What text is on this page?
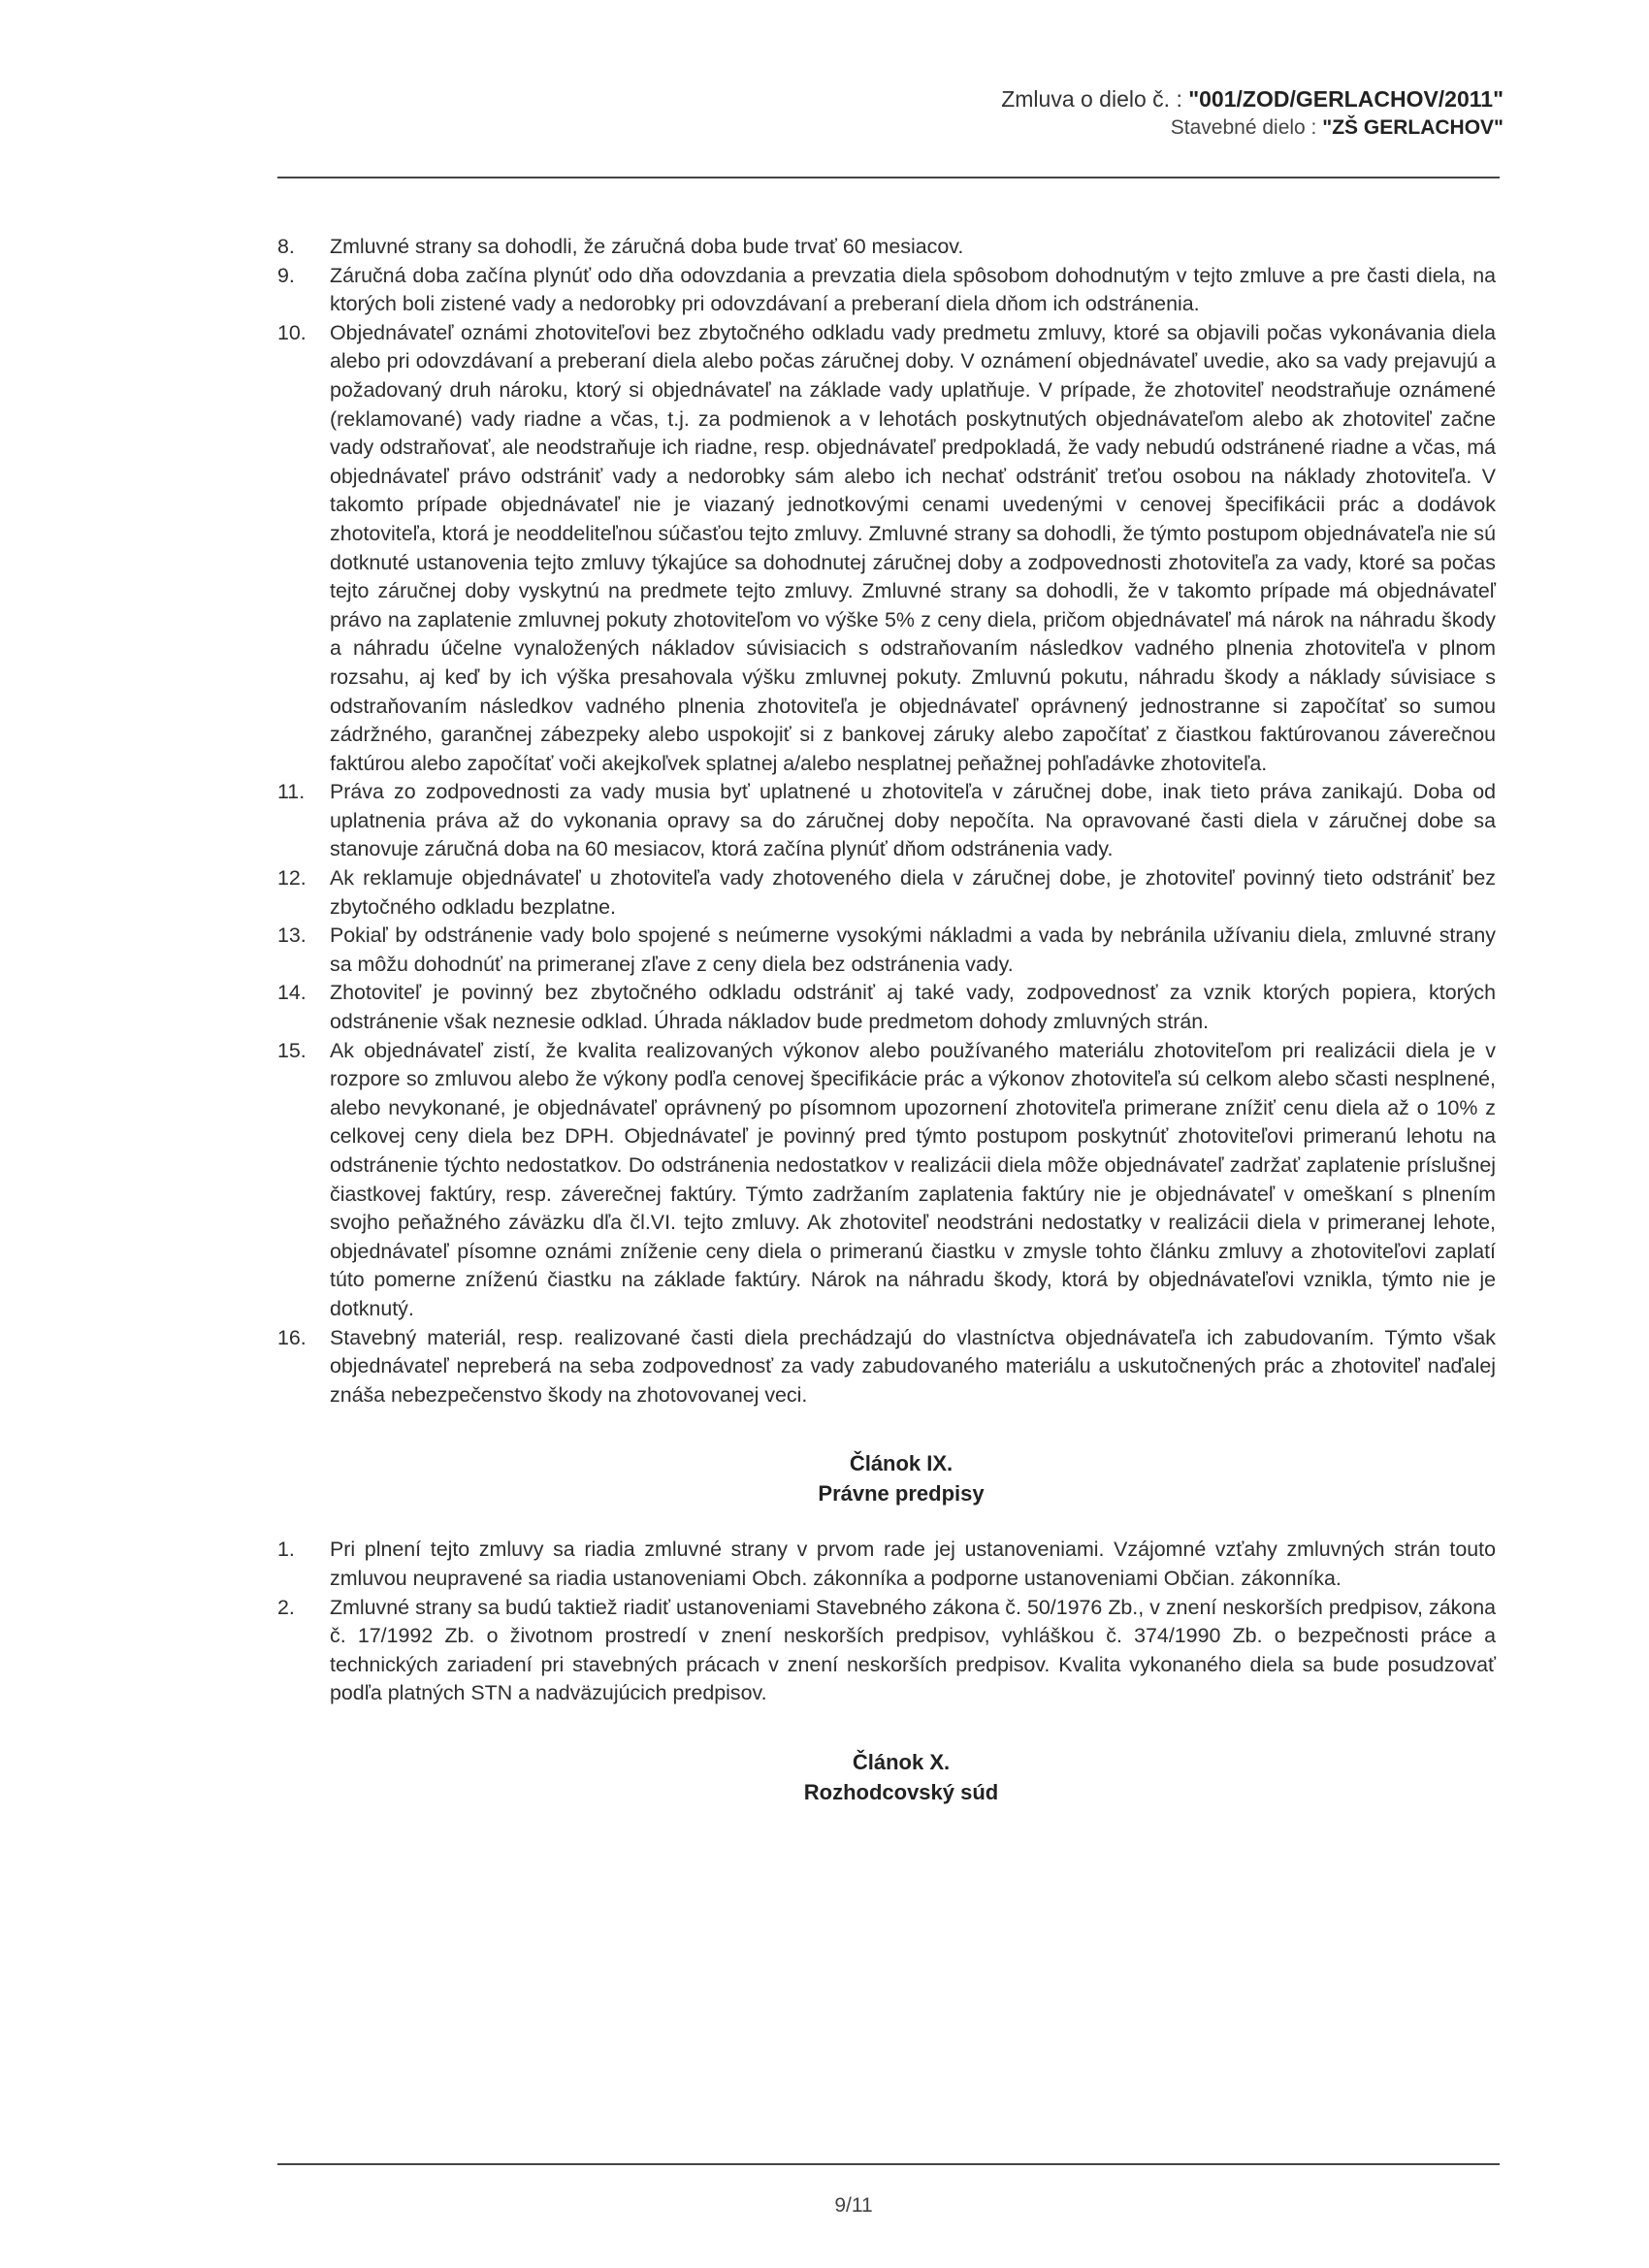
Zmluva o dielo č. : "001/ZOD/GERLACHOV/2011"
Stavebné dielo : "ZŠ GERLACHOV"
8. Zmluvné strany sa dohodli, že záručná doba bude trvať 60 mesiacov.
9. Záručná doba začína plynúť odo dňa odovzdania a prevzatia diela spôsobom dohodnutým v tejto zmluve a pre časti diela, na ktorých boli zistené vady a nedorobky pri odovzdávaní a preberaní diela dňom ich odstránenia.
10. Objednávateľ oznámi zhotoviteľovi bez zbytočného odkladu vady predmetu zmluvy, ktoré sa objavili počas vykonávania diela alebo pri odovzdávaní a preberaní diela alebo počas záručnej doby. V oznámení objednávateľ uvedie, ako sa vady prejavujú a požadovaný druh nároku, ktorý si objednávateľ na základe vady uplatňuje. V prípade, že zhotoviteľ neodstraňuje oznámené (reklamované) vady riadne a včas, t.j. za podmienok a v lehotách poskytnutých objednávateľom alebo ak zhotoviteľ začne vady odstraňovať, ale neodstraňuje ich riadne, resp. objednávateľ predpokladá, že vady nebudú odstránené riadne a včas, má objednávateľ právo odstrániť vady a nedorobky sám alebo ich nechať odstrániť treťou osobou na náklady zhotoviteľa. V takomto prípade objednávateľ nie je viazaný jednotkovými cenami uvedenými v cenovej špecifikácii prác a dodávok zhotoviteľa, ktorá je neoddeliteľnou súčasťou tejto zmluvy. Zmluvné strany sa dohodli, že týmto postupom objednávateľa nie sú dotknuté ustanovenia tejto zmluvy týkajúce sa dohodnutej záručnej doby a zodpovednosti zhotoviteľa za vady, ktoré sa počas tejto záručnej doby vyskytnú na predmete tejto zmluvy. Zmluvné strany sa dohodli, že v takomto prípade má objednávateľ právo na zaplatenie zmluvnej pokuty zhotoviteľom vo výške 5% z ceny diela, pričom objednávateľ má nárok na náhradu škody a náhradu účelne vynaložených nákladov súvisiacich s odstraňovaním následkov vadného plnenia zhotoviteľa v plnom rozsahu, aj keď by ich výška presahovala výšku zmluvnej pokuty. Zmluvnú pokutu, náhradu škody a náklady súvisiace s odstraňovaním následkov vadného plnenia zhotoviteľa je objednávateľ oprávnený jednostranne si započítať so sumou zádržného, garančnej zábezpeky alebo uspokojiť si z bankovej záruky alebo započítať z čiastkou faktúrovanou záverečnou faktúrou alebo započítať voči akejkoľvek splatnej a/alebo nesplatnej peňažnej pohľadávke zhotoviteľa.
11. Práva zo zodpovednosti za vady musia byť uplatnené u zhotoviteľa v záručnej dobe, inak tieto práva zanikajú. Doba od uplatnenia práva až do vykonania opravy sa do záručnej doby nepočíta. Na opravované časti diela v záručnej dobe sa stanovuje záručná doba na 60 mesiacov, ktorá začína plynúť dňom odstránenia vady.
12. Ak reklamuje objednávateľ u zhotoviteľa vady zhotoveného diela v záručnej dobe, je zhotoviteľ povinný tieto odstrániť bez zbytočného odkladu bezplatne.
13. Pokiaľ by odstránenie vady bolo spojené s neúmerne vysokými nákladmi a vada by nebránila užívaniu diela, zmluvné strany sa môžu dohodnúť na primeranej zľave z ceny diela bez odstránenia vady.
14. Zhotoviteľ je povinný bez zbytočného odkladu odstrániť aj také vady, zodpovednosť za vznik ktorých popiera, ktorých odstránenie však neznesie odklad. Úhrada nákladov bude predmetom dohody zmluvných strán.
15. Ak objednávateľ zistí, že kvalita realizovaných výkonov alebo používaného materiálu zhotoviteľom pri realizácii diela je v rozpore so zmluvou alebo že výkony podľa cenovej špecifikácie prác a výkonov zhotoviteľa sú celkom alebo sčasti nesplnené, alebo nevykonané, je objednávateľ oprávnený po písomnom upozornení zhotoviteľa primerane znížiť cenu diela až o 10% z celkovej ceny diela bez DPH. Objednávateľ je povinný pred týmto postupom poskytnúť zhotoviteľovi primeranú lehotu na odstránenie týchto nedostatkov. Do odstránenia nedostatkov v realizácii diela môže objednávateľ zadržať zaplatenie príslušnej čiastkovej faktúry, resp. záverečnej faktúry. Týmto zadržaním zaplatenia faktúry nie je objednávateľ v omeškaní s plnením svojho peňažného záväzku dľa čl.VI. tejto zmluvy. Ak zhotoviteľ neodstráni nedostatky v realizácii diela v primeranej lehote, objednávateľ písomne oznámi zníženie ceny diela o primeranú čiastku v zmysle tohto článku zmluvy a zhotoviteľovi zaplatí túto pomerne zníženú čiastku na základe faktúry. Nárok na náhradu škody, ktorá by objednávateľovi vznikla, týmto nie je dotknutý.
16. Stavebný materiál, resp. realizované časti diela prechádzajú do vlastníctva objednávateľa ich zabudovaním. Týmto však objednávateľ nepreberá na seba zodpovednosť za vady zabudovaného materiálu a uskutočnených prác a zhotoviteľ naďalej znáša nebezpečenstvo škody na zhotovovanej veci.
Článok IX.
Právne predpisy
1. Pri plnení tejto zmluvy sa riadia zmluvné strany v prvom rade jej ustanoveniami. Vzájomné vzťahy zmluvných strán touto zmluvou neupravené sa riadia ustanoveniami Obch. zákonníka a podporne ustanoveniami Občian. zákonníka.
2. Zmluvné strany sa budú taktiež riadiť ustanoveniami Stavebného zákona č. 50/1976 Zb., v znení neskorších predpisov, zákona č. 17/1992 Zb. o životnom prostredí v znení neskorších predpisov, vyhláškou č. 374/1990 Zb. o bezpečnosti práce a technických zariadení pri stavebných prácach v znení neskorších predpisov. Kvalita vykonaného diela sa bude posudzovať podľa platných STN a nadväzujúcich predpisov.
Článok X.
Rozhodcovský súd
9/11
